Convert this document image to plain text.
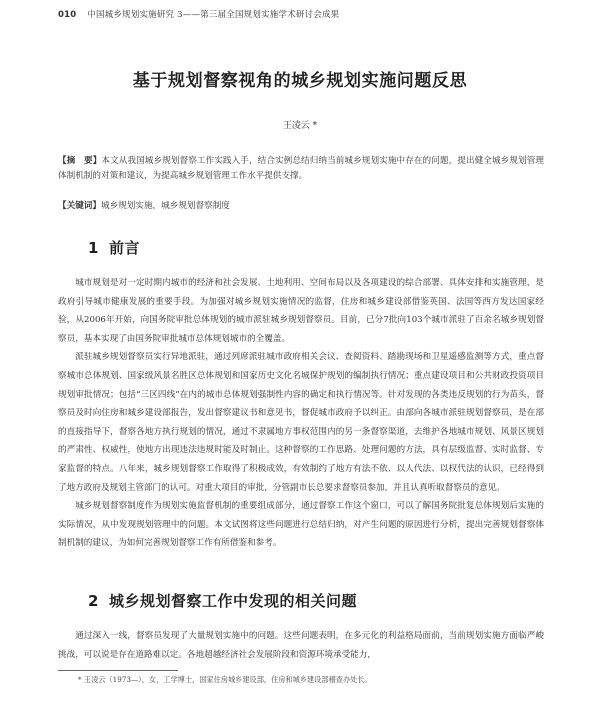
010 中国城乡规划实施研究 3——第三届全国规划实施学术研讨会成果
基于规划督察视角的城乡规划实施问题反思
王凌云 *
【摘　要】本文从我国城乡规划督察工作实践入手，结合实例总结归纳当前城乡规划实施中存在的问题，提出健全城乡规划管理体制机制的对策和建议，为提高城乡规划管理工作水平提供支撑。
【关键词】城乡规划实施，城乡规划督察制度
1 前言

城市规划是对一定时期内城市的经济和社会发展、土地利用、空间布局以及各项建设的综合部署、具体安排和实施管理，是政府引导城市健康发展的重要手段。为加强对城乡规划实施情况的监督，住房和城乡建设部借鉴英国、法国等西方发达国家经验，从2006年开始，向国务院审批总体规划的城市派驻城乡规划督察员。目前，已分7批向103个城市派驻了百余名城乡规划督察员，基本实现了由国务院审批城市总体规划城市的全覆盖。

派驻城乡规划督察员实行异地派驻，通过列席派驻城市政府相关会议、查阅资料、踏勘现场和卫星遥感监测等方式，重点督察城市总体规划、国家级风景名胜区总体规划和国家历史文化名城保护规划的编制执行情况；重点建设项目和公共财政投资项目规划审批情况；包括“三区四线”在内的城市总体规划强制性内容的确定和执行情况等。针对发现的各类违反规划的行为苗头，督察员及时向住房和城乡建设部报告，发出督察建议书和意见书，督促城市政府予以纠正。由部向各城市派驻规划督察员，是在部的直接指导下，督察各地方执行规划的情况，通过不隶属地方事权范围内的另一条督察渠道，去维护各地城市规划、风景区规划的严肃性、权威性，使地方出现违法违规时能及时制止。这种督察的工作思路、处理问题的方法，具有层级监督、实时监督、专家监督的特点。八年来，城乡规划督察工作取得了积极成效，有效制约了地方有法不依、以人代法、以权代法的认识，已经得到了地方政府及规划主管部门的认可。对重大项目的审批，分管副市长总要求督察员参加，并且认真听取督察员的意见。

城乡规划督察制度作为规划实施监督机制的重要组成部分，通过督察工作这个窗口，可以了解国务院批复总体规划后实施的实际情况，从中发现规划管理中的问题。本文试图将这些问题进行总结归纳，对产生问题的原因进行分析，提出完善规划督察体制机制的建议，为如何完善规划督察工作有所借鉴和参考。

2 城乡规划督察工作中发现的相关问题

通过深入一线，督察员发现了大量规划实施中的问题。这些问题表明，在多元化的利益格局面前，当前规划实施方面临严峻挑战，可以说是存在道路难以定。各地超越经济社会发展阶段和资源环境承受能力，

* 王凌云（1973—），女，工学博士，国家住房城乡建设部，住房和城乡建设部稽查办处长。
